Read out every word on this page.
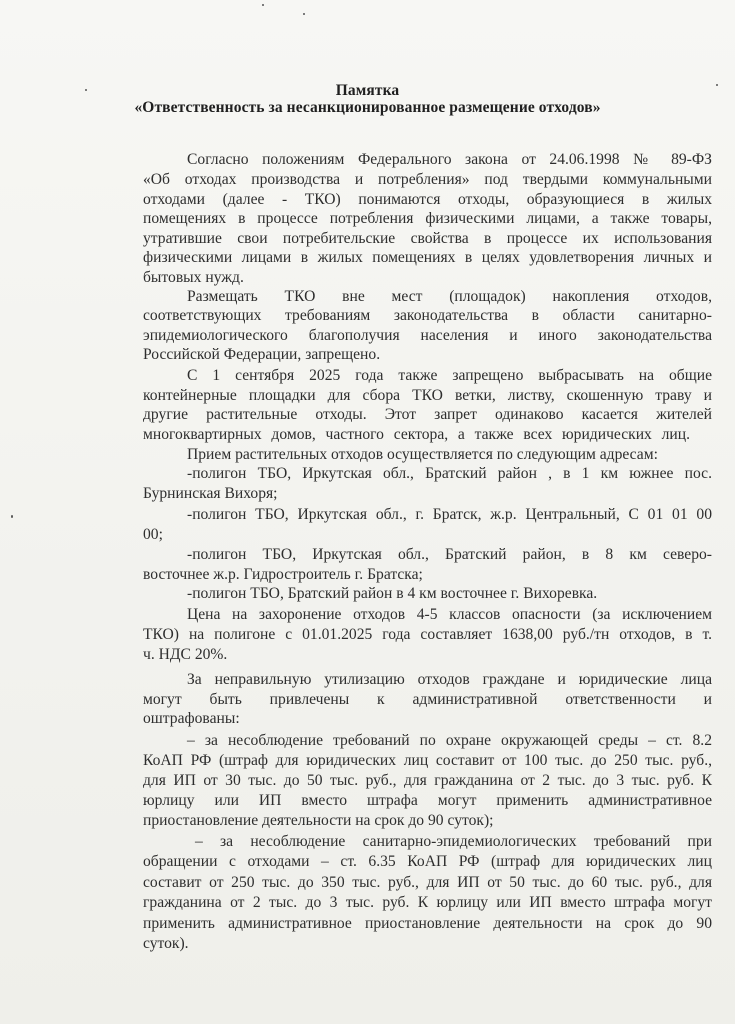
Памятка
«Ответственность за несанкционированное размещение отходов»
Согласно положениям Федерального закона от 24.06.1998 № 89-ФЗ
«Об отходах производства и потребления» под твердыми коммунальными
отходами (далее - ТКО) понимаются отходы, образующиеся в жилых
помещениях в процессе потребления физическими лицами, а также товары,
утратившие свои потребительские свойства в процессе их использования
физическими лицами в жилых помещениях в целях удовлетворения личных и
бытовых нужд.
Размещать ТКО вне мест (площадок) накопления отходов,
соответствующих требованиям законодательства в области санитарно-
эпидемиологического благополучия населения и иного законодательства
Российской Федерации, запрещено.
С 1 сентября 2025 года также запрещено выбрасывать на общие
контейнерные площадки для сбора ТКО ветки, листву, скошенную траву и
другие растительные отходы. Этот запрет одинаково касается жителей
многоквартирных домов, частного сектора, а также всех юридических лиц.
Прием растительных отходов осуществляется по следующим адресам:
-полигон ТБО, Иркутская обл., Братский район , в 1 км южнее пос.
Бурнинская Вихоря;
-полигон ТБО, Иркутская обл., г. Братск, ж.р. Центральный, С 01 01 00
00;
-полигон ТБО, Иркутская обл., Братский район, в 8 км северо-
восточнее ж.р. Гидростроитель г. Братска;
-полигон ТБО, Братский район в 4 км восточнее г. Вихоревка.
Цена на захоронение отходов 4-5 классов опасности (за исключением
ТКО) на полигоне с 01.01.2025 года составляет 1638,00 руб./тн отходов, в т.
ч. НДС 20%.
За неправильную утилизацию отходов граждане и юридические лица
могут быть привлечены к административной ответственности и
оштрафованы:
– за несоблюдение требований по охране окружающей среды – ст. 8.2
КоАП РФ (штраф для юридических лиц составит от 100 тыс. до 250 тыс. руб.,
для ИП от 30 тыс. до 50 тыс. руб., для гражданина от 2 тыс. до 3 тыс. руб. К
юрлицу или ИП вместо штрафа могут применить административное
приостановление деятельности на срок до 90 суток);
– за несоблюдение санитарно-эпидемиологических требований при
обращении с отходами – ст. 6.35 КоАП РФ (штраф для юридических лиц
составит от 250 тыс. до 350 тыс. руб., для ИП от 50 тыс. до 60 тыс. руб., для
гражданина от 2 тыс. до 3 тыс. руб. К юрлицу или ИП вместо штрафа могут
применить административное приостановление деятельности на срок до 90
суток).
